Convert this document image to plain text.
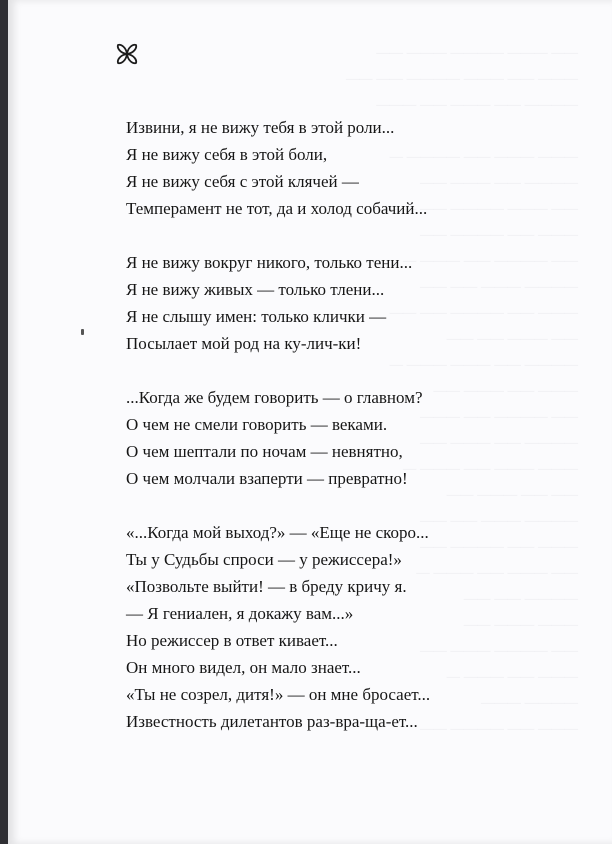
—— ——— ———— ——— ——
——— —— ——— ———— —— ——
———— —— ——— —— ———

——— ——— —— ———— —
———— —— ——— ——
—— ——— ———— —— ——
——— —— ———— ——
—— ———— —— ——— —
———— ——— —— ——
——— —— ———— —— ——
—— ——— —— ——
———— —— ——— ——— —
——— —— ——— ——
—— ———— —— ———
———— —— ——— ——
——— ——— —— ——— —
—— —— ——— ——
———— ——— —— ——
——— —— ———— ——
—— ——— —— ——— —
———— —— ——
——— ——— ——
—— ———— ——— ——
——— —— ——— —
———— ———
——— —— ———— ——
Извини, я не вижу тебя в этой роли...
Я не вижу себя в этой боли,
Я не вижу себя с этой клячей —
Темперамент не тот, да и холод собачий...
Я не вижу вокруг никого, только тени...
Я не вижу живых — только тлени...
Я не слышу имен: только клички —
Посылает мой род на ку-лич-ки!
...Когда же будем говорить — о главном?
О чем не смели говорить — веками.
О чем шептали по ночам — невнятно,
О чем молчали взаперти — превратно!
«...Когда мой выход?» — «Еще не скоро...
Ты у Судьбы спроси — у режиссера!»
«Позвольте выйти! — в бреду кричу я.
— Я гениален, я докажу вам...»
Но режиссер в ответ кивает...
Он много видел, он мало знает...
«Ты не созрел, дитя!» — он мне бросает...
Известность дилетантов раз-вра-ща-ет...
